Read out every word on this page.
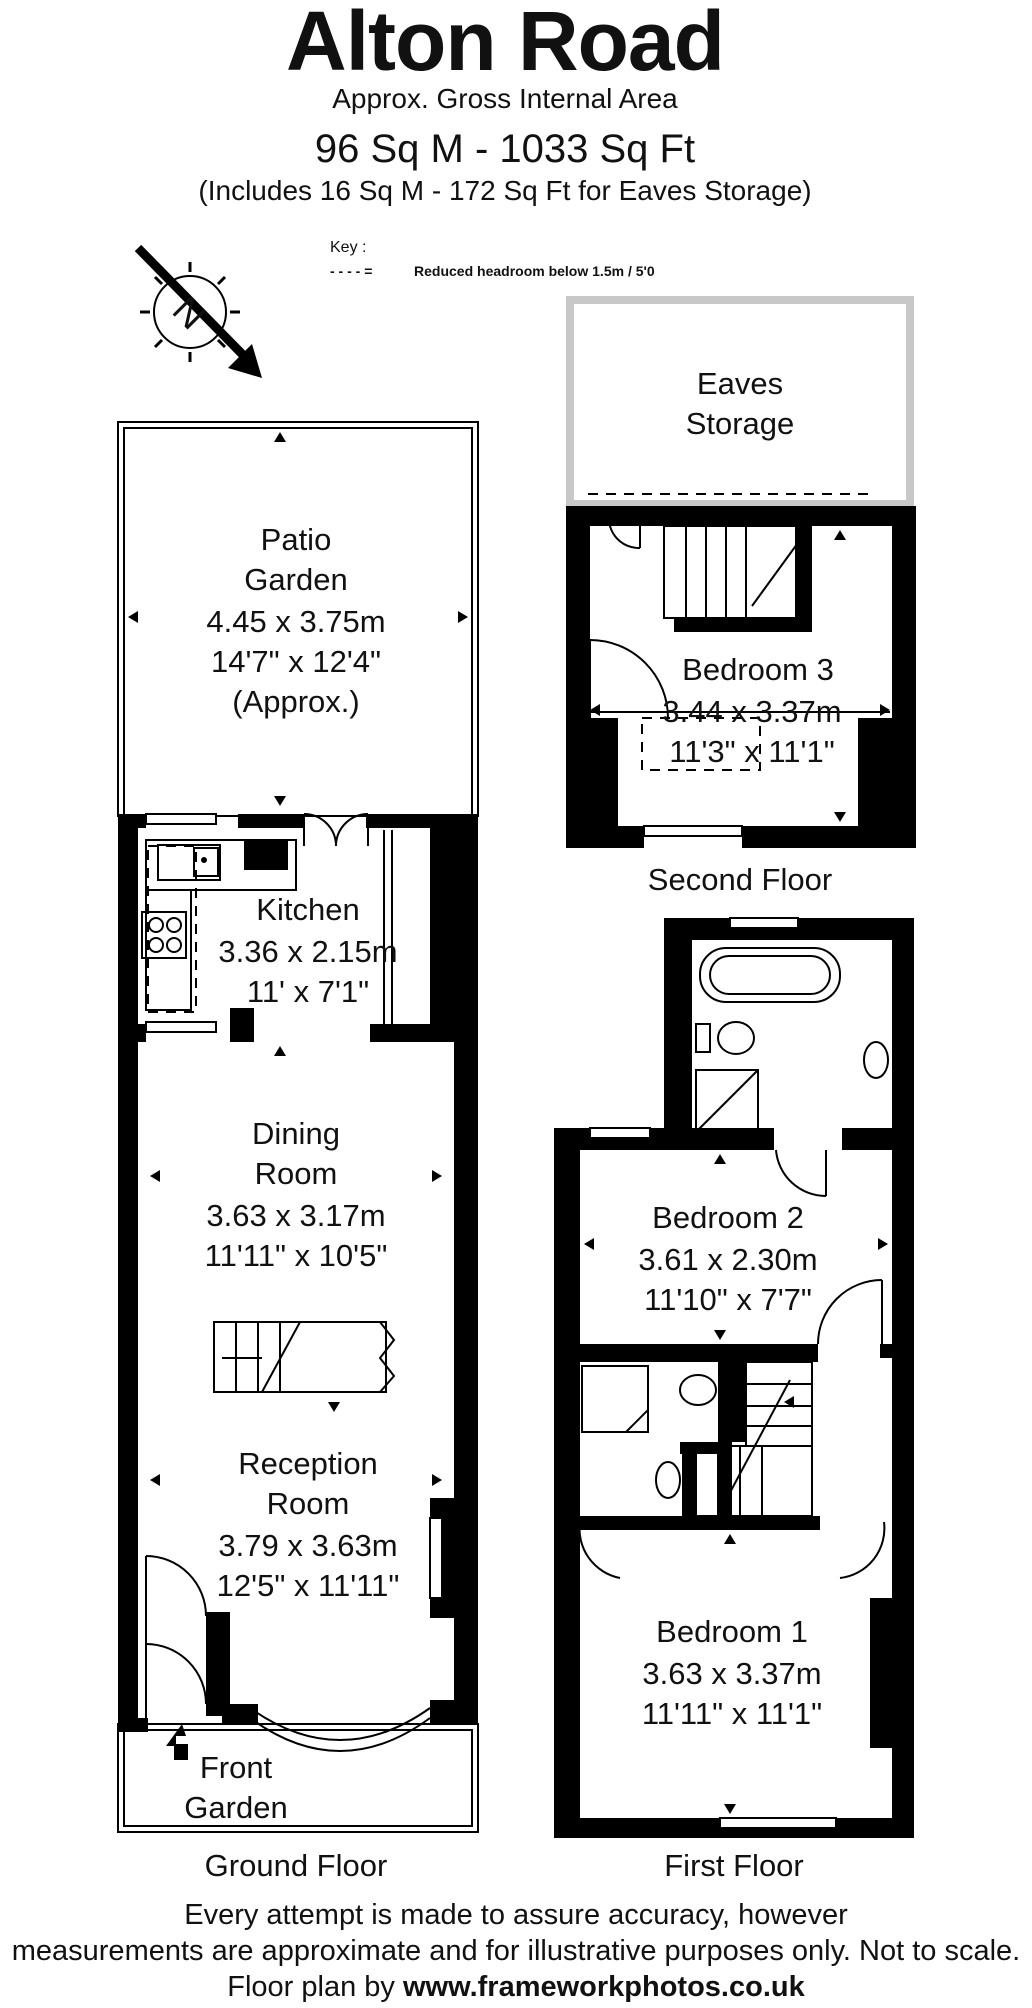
Alton Road
Approx. Gross Internal Area
96 Sq M - 1033 Sq Ft
(Includes 16 Sq M - 172 Sq Ft for Eaves Storage)
Key :
- - - - =	Reduced headroom below 1.5m / 5'0
N
Patio
Garden
4.45 x 3.75m
14'7" x 12'4"
(Approx.)
Kitchen
3.36 x 2.15m
11' x 7'1"
Dining
Room
3.63 x 3.17m
11'11" x 10'5"
Reception
Room
3.79 x 3.63m
12'5" x 11'11"
Front
Garden
Ground Floor
Eaves
Storage
Bedroom 3
3.44 x 3.37m
11'3" x 11'1"
Second Floor
Bedroom 2
3.61 x 2.30m
11'10" x 7'7"
Bedroom 1
3.63 x 3.37m
11'11" x 11'1"
First Floor
Every attempt is made to assure accuracy, however
measurements are approximate and for illustrative purposes only. Not to scale.
Floor plan by www.frameworkphotos.co.uk
